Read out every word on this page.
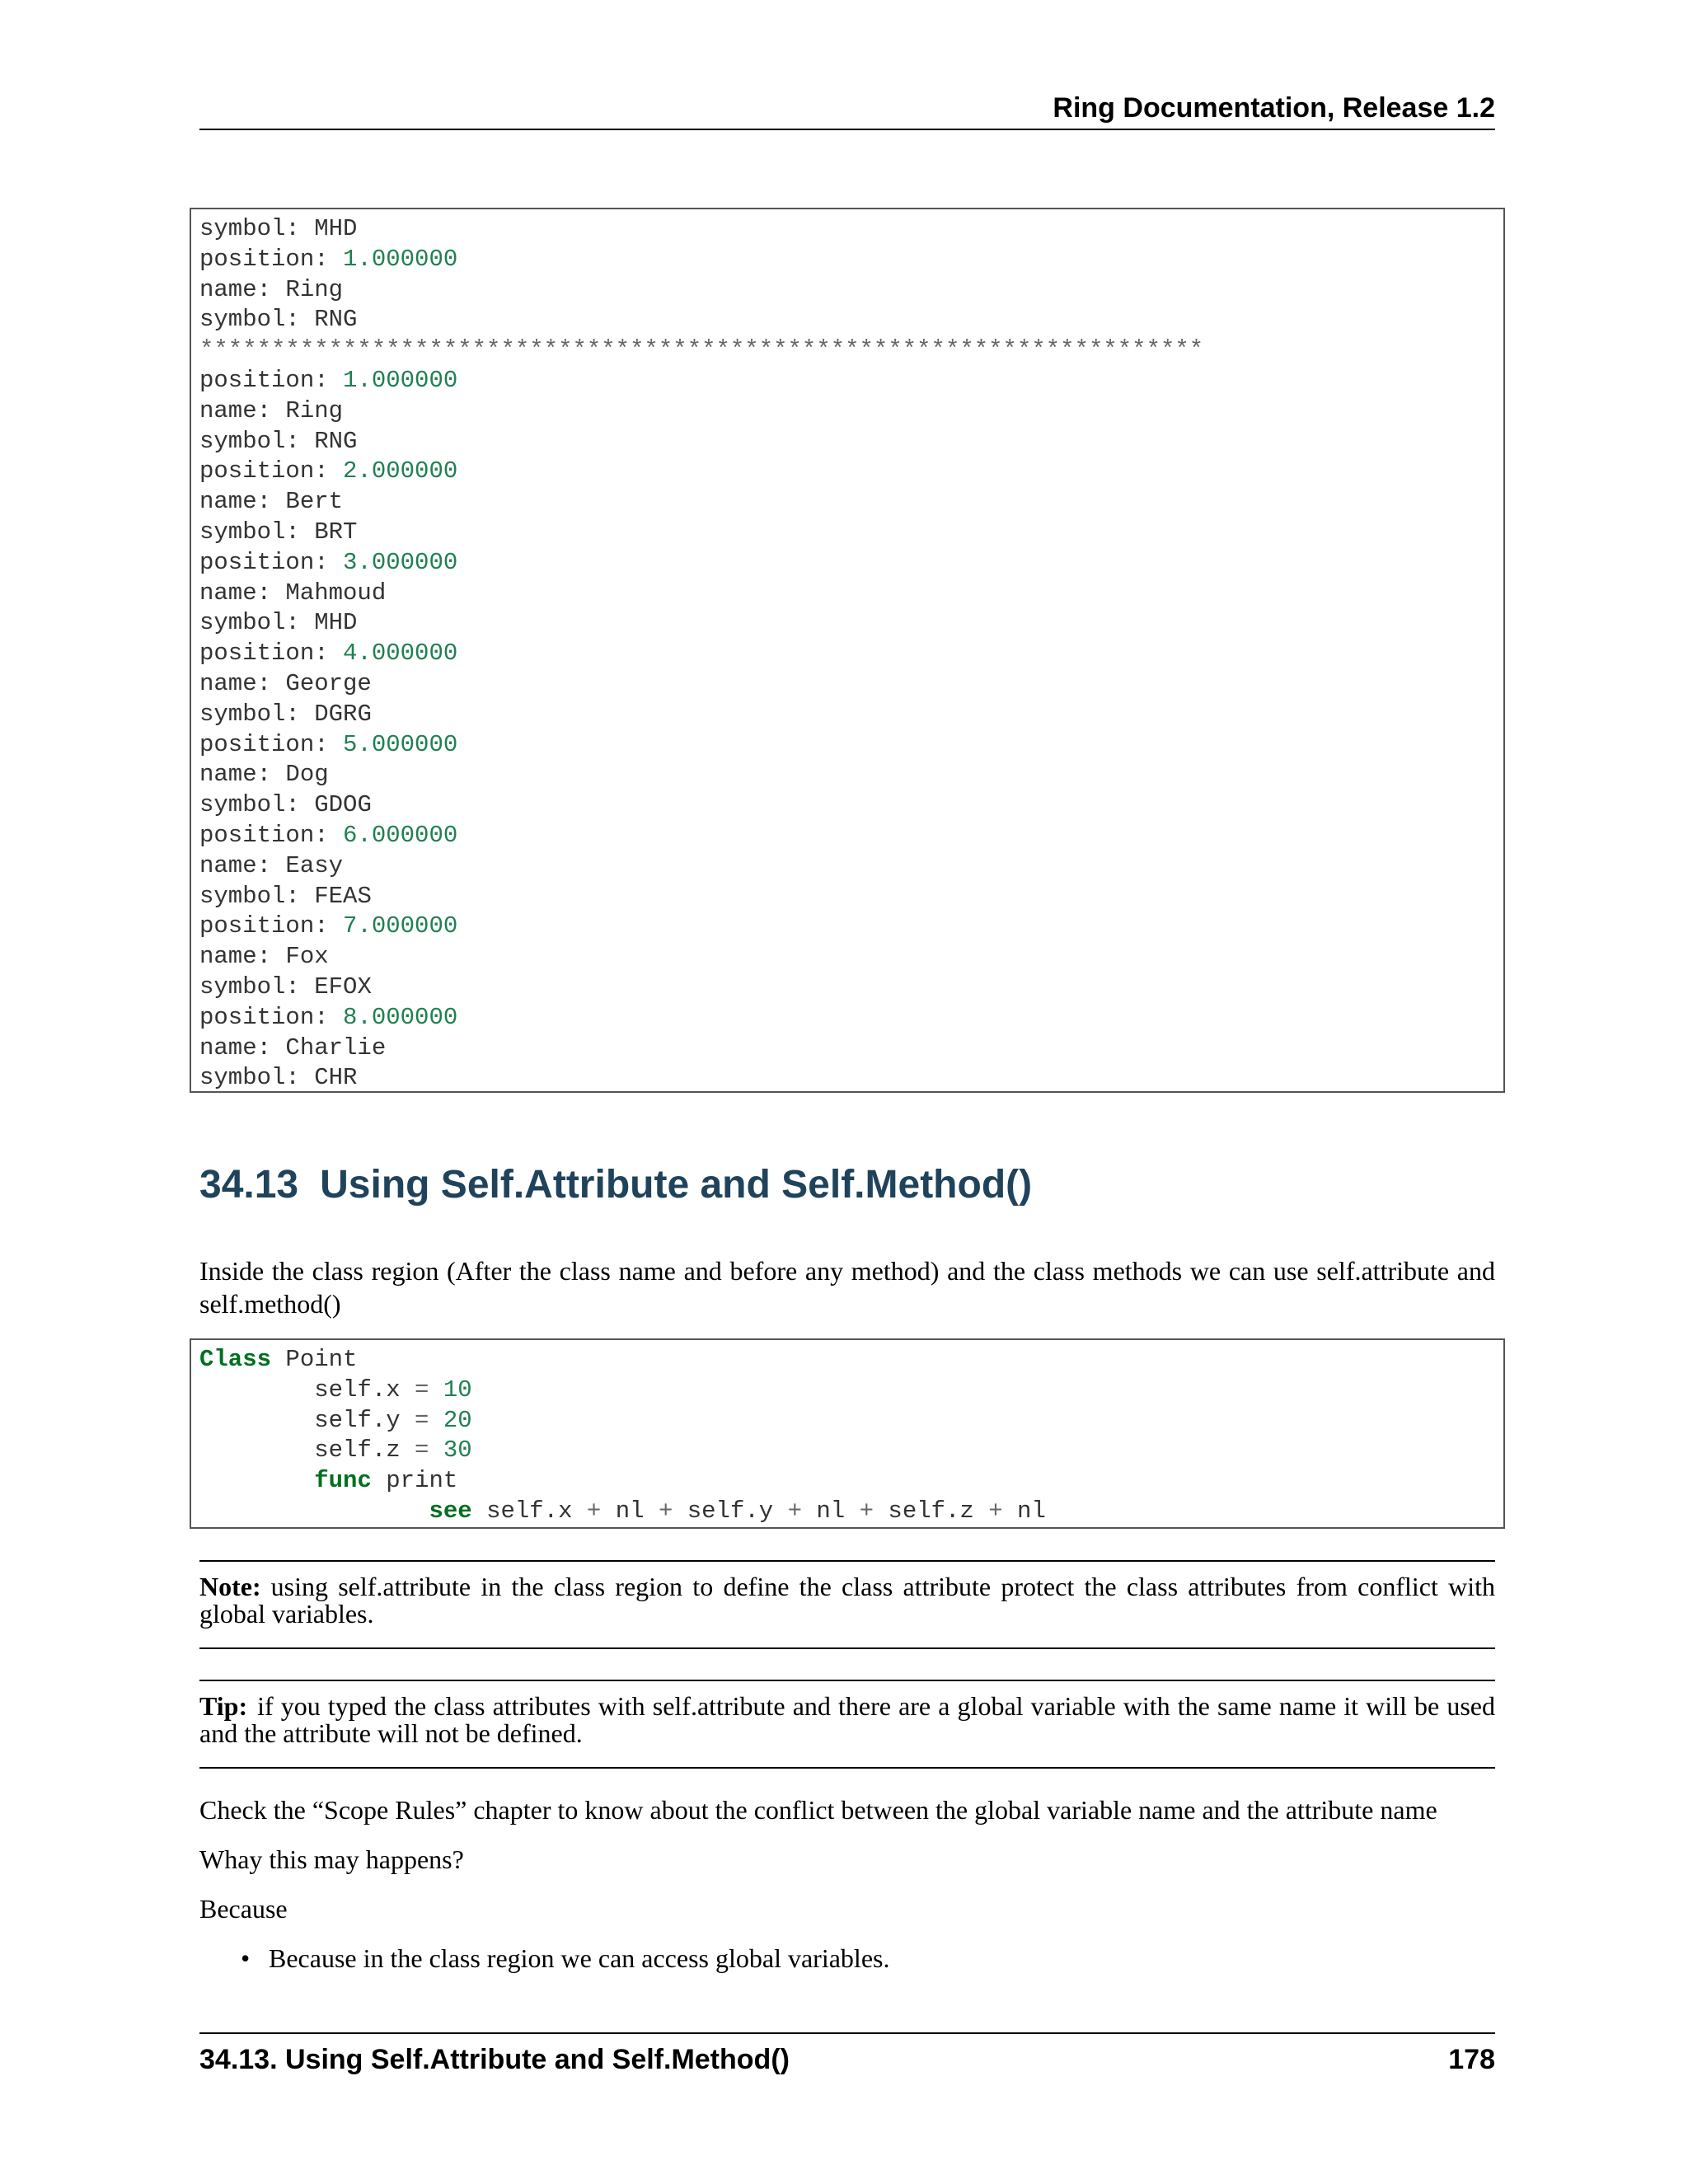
Ring Documentation, Release 1.2
symbol: MHD
position: 1.000000
name: Ring
symbol: RNG
**********************************************************************
position: 1.000000
name: Ring
symbol: RNG
position: 2.000000
name: Bert
symbol: BRT
position: 3.000000
name: Mahmoud
symbol: MHD
position: 4.000000
name: George
symbol: DGRG
position: 5.000000
name: Dog
symbol: GDOG
position: 6.000000
name: Easy
symbol: FEAS
position: 7.000000
name: Fox
symbol: EFOX
position: 8.000000
name: Charlie
symbol: CHR
34.13 Using Self.Attribute and Self.Method()
Inside the class region (After the class name and before any method) and the class methods we can use self.attribute and self.method()
Class Point
self.x = 10
self.y = 20
self.z = 30
func print
see self.x + nl + self.y + nl + self.z + nl
Note: using self.attribute in the class region to define the class attribute protect the class attributes from conflict with global variables.
Tip: if you typed the class attributes with self.attribute and there are a global variable with the same name it will be used and the attribute will not be defined.
Check the “Scope Rules” chapter to know about the conflict between the global variable name and the attribute name
Whay this may happens?
Because
• Because in the class region we can access global variables.
34.13. Using Self.Attribute and Self.Method()	178
